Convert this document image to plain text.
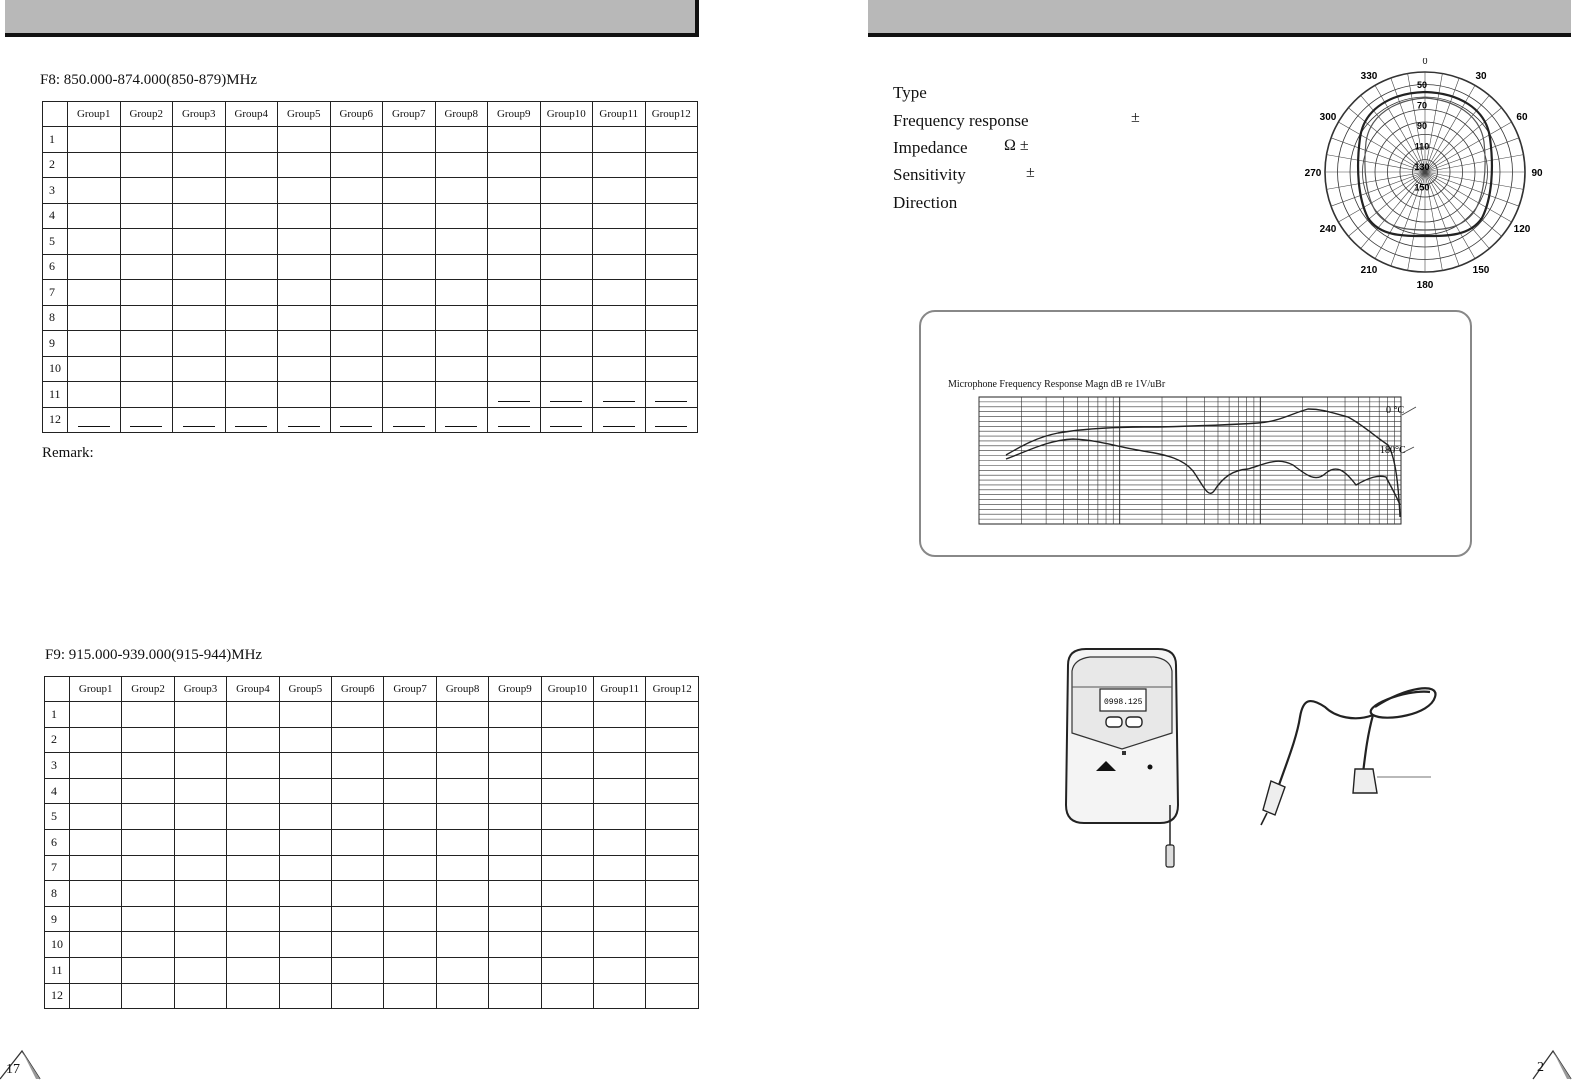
F8: 850.000-874.000(850-879)MHz
	Group1	Group2	Group3	Group4	Group5	Group6	Group7	Group8	Group9	Group10	Group11	Group12
1												
2												
3												
4												
5												
6												
7												
8												
9												
10												
11									

12	

Remark:
F9: 915.000-939.000(915-944)MHz
	Group1	Group2	Group3	Group4	Group5	Group6	Group7	Group8	Group9	Group10	Group11	Group12
1												
2												
3												
4												
5												
6												
7												
8												
9												
10												
11												
12												
17
Type
Frequency response	±
Impedance Ω ±
Sensitivity	±
Direction
0
30
60
90
120
150
180
210
240
270
300
330
50
70
90
110
130
150
Microphone Frequency Response Magn dB re 1V/uBr
0 °C
180°C
0998.125
2
